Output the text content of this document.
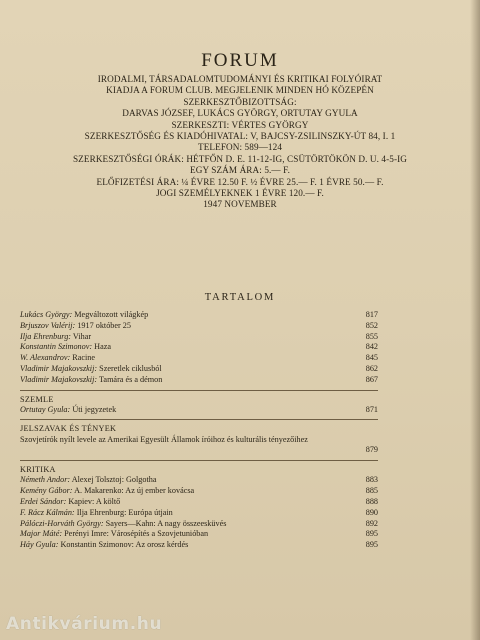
FORUM
IRODALMI, TÁRSADALOMTUDOMÁNYI ÉS KRITIKAI FOLYÓIRAT
KIADJA A FORUM CLUB. MEGJELENIK MINDEN HÓ KÖZEPÉN
SZERKESZTŐBIZOTTSÁG:
DARVAS JÓZSEF, LUKÁCS GYÖRGY, ORTUTAY GYULA
SZERKESZTI: VÉRTES GYÖRGY
SZERKESZTŐSÉG ÉS KIADÓHIVATAL: V, BAJCSY-ZSILINSZKY-ÚT 84, I. 1
TELEFON: 589—124
SZERKESZTŐSÉGI ÓRÁK: HÉTFŐN D. E. 11-12-IG, CSÜTÖRTÖKÖN D. U. 4-5-IG
EGY SZÁM ÁRA: 5.— F.
ELŐFIZETÉSI ÁRA: ¼ ÉVRE 12.50 F. ½ ÉVRE 25.— F. 1 ÉVRE 50.— F.
JOGI SZEMÉLYEKNEK 1 ÉVRE 120.— F.
1947 NOVEMBER
TARTALOM
Lukács György: Megváltozott világkép	817
Brjuszov Valérij: 1917 október 25	852
Ilja Ehrenburg: Vihar	855
Konstantin Szimonov: Haza	842
W. Alexandrov: Racine	845
Vladimir Majakovszkij: Szeretlek ciklusból	862
Vladimir Majakovszkij: Tamára és a démon	867
SZEMLE
Ortutay Gyula: Úti jegyzetek	871
JELSZAVAK ÉS TÉNYEK
Szovjetírók nyílt levele az Amerikai Egyesült Államok íróihoz és kulturális tényezőihez
879
KRITIKA
Németh Andor: Alexej Tolsztoj: Golgotha	883
Kemény Gábor: A. Makarenko: Az új ember kovácsa	885
Erdei Sándor: Kapiev: A költő	888
F. Rácz Kálmán: Ilja Ehrenburg: Európa útjain	890
Pálóczi-Horváth György: Sayers—Kahn: A nagy összeesküvés	892
Major Máté: Perényi Imre: Városépítés a Szovjetunióban	895
Háy Gyula: Konstantin Szimonov: Az orosz kérdés	895
Antikvárium.hu
